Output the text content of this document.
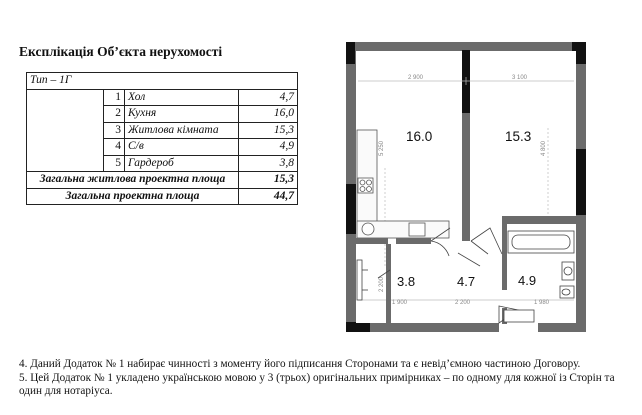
Експлікація Об’єкта нерухомості
Тип – 1Г			
	1	Хол	4,7
	2	Кухня	16,0
	3	Житлова кімната	15,3
	4	С/в	4,9
	5	Гардероб	3,8
Загальна житлова проектна площа			15,3
Загальна проектна площа			44,7
2 900	3 100
5 250	4 800
2 200
1 900	2 200	1 980
16.0	15.3
3.8	4.7	4.9

4. Даний Додаток № 1 набирає чинності з моменту його підписання Сторонами та є невід’ємною частиною Договору.

5. Цей Додаток № 1 укладено українською мовою у 3 (трьох) оригінальних примірниках – по одному для кожної із Сторін та один для нотаріуса.
